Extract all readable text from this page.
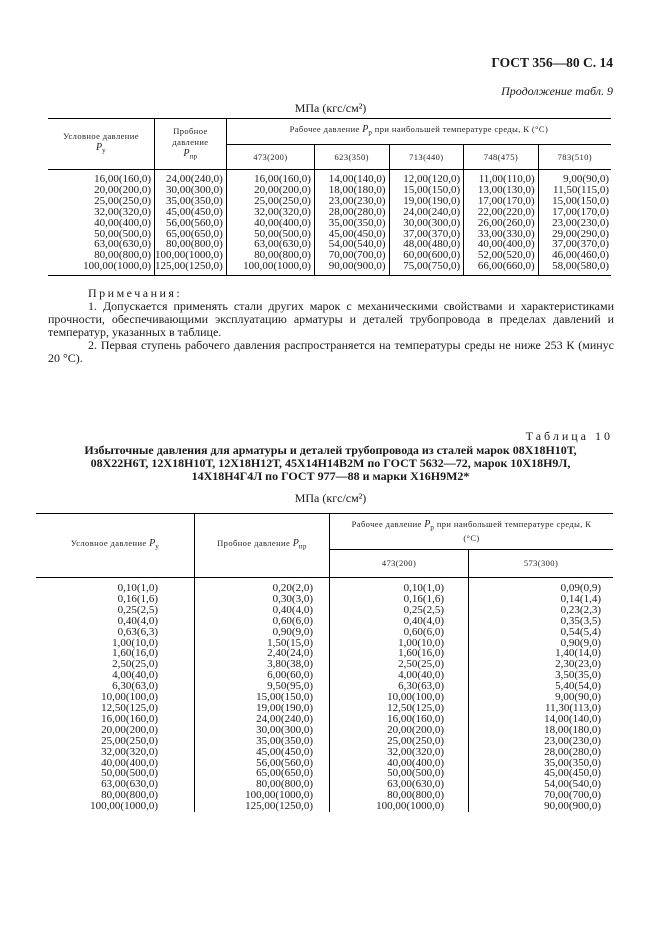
ГОСТ 356—80 С. 14
Продолжение табл. 9
МПа (кгс/см²)
Условное давление
$P_у$	Пробное давление
$P_{пр}$	Рабочее давление $P_р$ при наибольшей температуре среды, К (°С)				
		473(200)	623(350)	713(440)	748(475)	783(510)

16,00(160,0)	24,00(240,0)	16,00(160,0)	14,00(140,0)	12,00(120,0)	11,00(110,0)	9,00(90,0)
20,00(200,0)	30,00(300,0)	20,00(200,0)	18,00(180,0)	15,00(150,0)	13,00(130,0)	11,50(115,0)
25,00(250,0)	35,00(350,0)	25,00(250,0)	23,00(230,0)	19,00(190,0)	17,00(170,0)	15,00(150,0)
32,00(320,0)	45,00(450,0)	32,00(320,0)	28,00(280,0)	24,00(240,0)	22,00(220,0)	17,00(170,0)
40,00(400,0)	56,00(560,0)	40,00(400,0)	35,00(350,0)	30,00(300,0)	26,00(260,0)	23,00(230,0)
50,00(500,0)	65,00(650,0)	50,00(500,0)	45,00(450,0)	37,00(370,0)	33,00(330,0)	29,00(290,0)
63,00(630,0)	80,00(800,0)	63,00(630,0)	54,00(540,0)	48,00(480,0)	40,00(400,0)	37,00(370,0)
80,00(800,0)	100,00(1000,0)	80,00(800,0)	70,00(700,0)	60,00(600,0)	52,00(520,0)	46,00(460,0)
100,00(1000,0)	125,00(1250,0)	100,00(1000,0)	90,00(900,0)	75,00(750,0)	66,00(660,0)	58,00(580,0)
Примечания:

1. Допускается применять стали других марок с механическими свойствами и характеристиками прочности, обеспечивающими эксплуатацию арматуры и деталей трубопровода в пределах давлений и температур, указанных в таблице.

2. Первая ступень рабочего давления распространяется на температуры среды не ниже 253 К (минус 20 °С).

Таблица 10
Избыточные давления для арматуры и деталей трубопровода из сталей марок 08Х18Н10Т, 08Х22Н6Т, 12Х18Н10Т, 12Х18Н12Т, 45Х14Н14В2М по ГОСТ 5632—72, марок 10Х18Н9Л, 14Х18Н4Г4Л по ГОСТ 977—88 и марки Х16Н9М2*
МПа (кгс/см²)
Условное давление $P_у$	Пробное давление $P_{пр}$	Рабочее давление $P_р$ при наибольшей температуре среды, К (°С)	
		473(200)	573(300)

0,10(1,0)	0,20(2,0)	0,10(1,0)	0,09(0,9)
0,16(1,6)	0,30(3,0)	0,16(1,6)	0,14(1,4)
0,25(2,5)	0,40(4,0)	0,25(2,5)	0,23(2,3)
0,40(4,0)	0,60(6,0)	0,40(4,0)	0,35(3,5)
0,63(6,3)	0,90(9,0)	0,60(6,0)	0,54(5,4)
1,00(10,0)	1,50(15,0)	1,00(10,0)	0,90(9,0)
1,60(16,0)	2,40(24,0)	1,60(16,0)	1,40(14,0)
2,50(25,0)	3,80(38,0)	2,50(25,0)	2,30(23,0)
4,00(40,0)	6,00(60,0)	4,00(40,0)	3,50(35,0)
6,30(63,0)	9,50(95,0)	6,30(63,0)	5,40(54,0)
10,00(100,0)	15,00(150,0)	10,00(100,0)	9,00(90,0)
12,50(125,0)	19,00(190,0)	12,50(125,0)	11,30(113,0)
16,00(160,0)	24,00(240,0)	16,00(160,0)	14,00(140,0)
20,00(200,0)	30,00(300,0)	20,00(200,0)	18,00(180,0)
25,00(250,0)	35,00(350,0)	25,00(250,0)	23,00(230,0)
32,00(320,0)	45,00(450,0)	32,00(320,0)	28,00(280,0)
40,00(400,0)	56,00(560,0)	40,00(400,0)	35,00(350,0)
50,00(500,0)	65,00(650,0)	50,00(500,0)	45,00(450,0)
63,00(630,0)	80,00(800,0)	63,00(630,0)	54,00(540,0)
80,00(800,0)	100,00(1000,0)	80,00(800,0)	70,00(700,0)
100,00(1000,0)	125,00(1250,0)	100,00(1000,0)	90,00(900,0)
